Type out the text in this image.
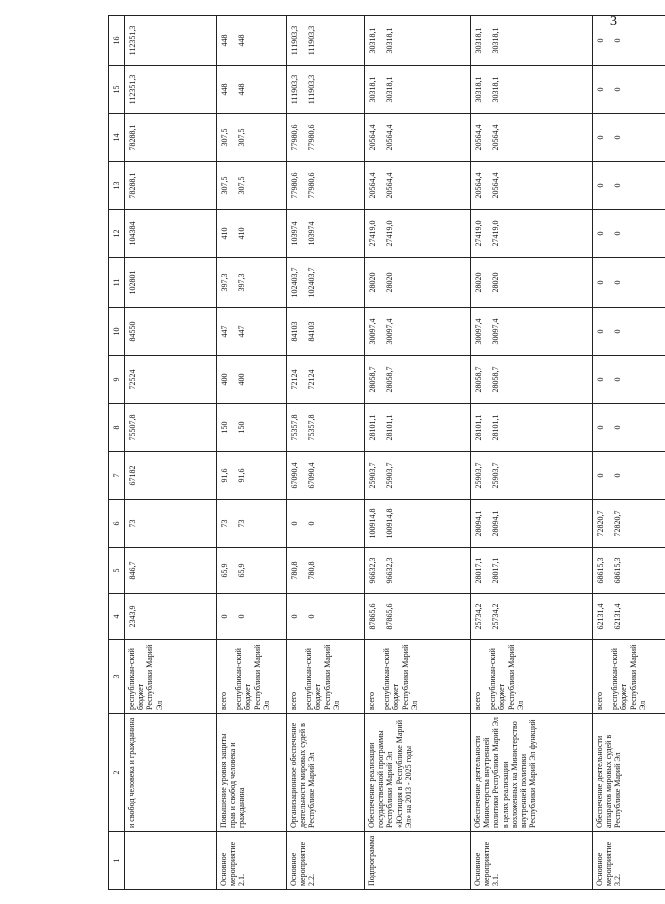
3
1	2	3	4	5	6	7	8	9	10	11	12	13	14	15	16
	и свобод человека и гражданина	республикан-ский бюджет Республики Марий Эл	2343,9	846,7	73	67182	75507,8	72524	84550	102801	104384	78288,1	78288,1	112351,3	112351,3

Основное мероприятие 2.1.	Повышение уровня защиты прав и свобод человека и гражданина	всего республикан-ский бюджет Республики Марий Эл	0 0	65,9 65,9	73 73	91,6 91,6	150 150	400 400	447 447	397,3 397,3	410 410	307,5 307,5	307,5 307,5	448 448	448 448

Основное мероприятие 2.2.	Организационное обеспечение деятельности мировых судей в Республике Марий Эл	всего республикан-ский бюджет Республики Марий Эл	0 0	780,8 780,8	0 0	67090,4 67090,4	75357,8 75357,8	72124 72124	84103 84103	102403,7 102403,7	103974 103974	77980,6 77980,6	77980,6 77980,6	111903,3 111903,3	111903,3 111903,3

Подпрограмма	Обеспечение реализации государственной программы Республики Марий Эл «Юстиция в Республике Марий Эл» на 2013 - 2025 годы	всего республикан-ский бюджет Республики Марий Эл	87865,6 87865,6	96632,3 96632,3	100914,8 100914,8	25903,7 25903,7	28101,1 28101,1	28058,7 28058,7	30097,4 30097,4	28020 28020	27419,0 27419,0	20564,4 20564,4	20564,4 20564,4	30318,1 30318,1	30318,1 30318,1

Основное мероприятие 3.1.	Обеспечение деятельности Министерства внутренней политики Республики Марий Эл в целях реализации возложенных на Министерство внутренней политики Республики Марий Эл функций	всего республикан-ский бюджет Республики Марий Эл	25734,2 25734,2	28017,1 28017,1	28094,1 28094,1	25903,7 25903,7	28101,1 28101,1	28058,7 28058,7	30097,4 30097,4	28020 28020	27419,0 27419,0	20564,4 20564,4	20564,4 20564,4	30318,1 30318,1	30318,1 30318,1

Основное мероприятие 3.2.	Обеспечение деятельности аппаратов мировых судей в Республике Марий Эл	всего республикан-ский бюджет Республики Марий Эл	62131,4 62131,4	68615,3 68615,3	72820,7 72820,7	0 0	0 0	0 0	0 0	0 0	0 0	0 0	0 0	0 0	0 0
